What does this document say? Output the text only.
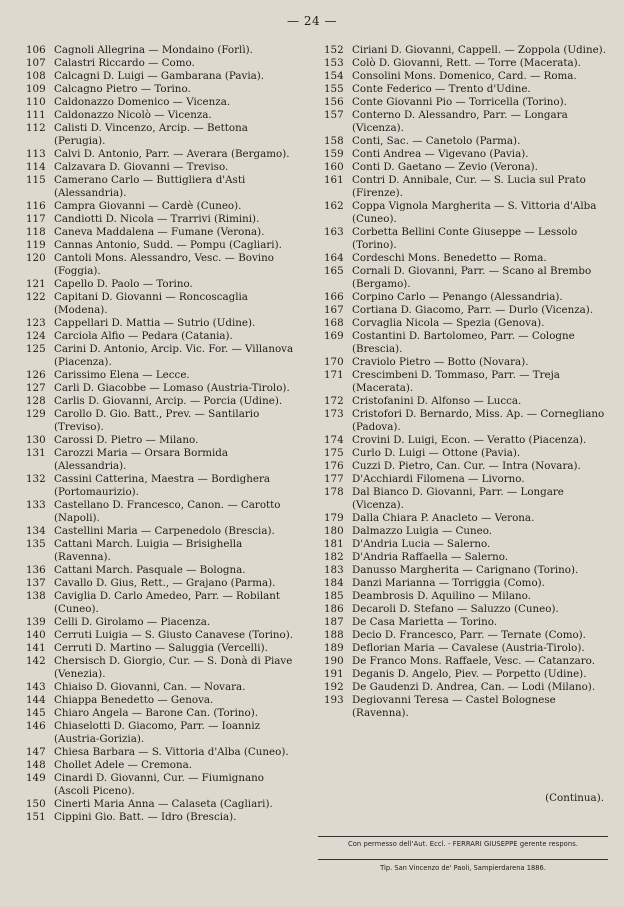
— 24 —
106 Cagnoli Allegrina — Mondaino (Forlì).
107 Calastri Riccardo — Como.
108 Calcagni D. Luigi — Gambarana (Pavia).
109 Calcagno Pietro — Torino.
110 Caldonazzo Domenico — Vicenza.
111 Caldonazzo Nicolò — Vicenza.
112 Calisti D. Vincenzo, Arcip. — Bettona (Perugia).
113 Calvi D. Antonio, Parr. — Averara (Bergamo).
114 Calzavara D. Giovanni — Treviso.
115 Camerano Carlo — Buttigliera d'Asti (Alessandria).
116 Campra Giovanni — Cardè (Cuneo).
117 Candiotti D. Nicola — Trarrivi (Rimini).
118 Caneva Maddalena — Fumane (Verona).
119 Cannas Antonio, Sudd. — Pompu (Cagliari).
120 Cantoli Mons. Alessandro, Vesc. — Bovino (Foggia).
121 Capello D. Paolo — Torino.
122 Capitani D. Giovanni — Roncoscaglia (Modena).
123 Cappellari D. Mattia — Sutrio (Udine).
124 Carciola Alfio — Pedara (Catania).
125 Carini D. Antonio, Arcip. Vic. For. — Villanova (Piacenza).
126 Carissimo Elena — Lecce.
127 Carli D. Giacobbe — Lomaso (Austria-Tirolo).
128 Carlis D. Giovanni, Arcip. — Porcia (Udine).
129 Carollo D. Gio. Batt., Prev. — Santilario (Treviso).
130 Carossi D. Pietro — Milano.
131 Carozzi Maria — Orsara Bormida (Alessandria).
132 Cassini Catterina, Maestra — Bordighera (Portomaurizio).
133 Castellano D. Francesco, Canon. — Carotto (Napoli).
134 Castellini Maria — Carpenedolo (Brescia).
135 Cattani March. Luigia — Brisighella (Ravenna).
136 Cattani March. Pasquale — Bologna.
137 Cavallo D. Gius, Rett., — Grajano (Parma).
138 Caviglia D. Carlo Amedeo, Parr. — Robilant (Cuneo).
139 Celli D. Girolamo — Piacenza.
140 Cerruti Luigia — S. Giusto Canavese (Torino).
141 Cerruti D. Martino — Saluggia (Vercelli).
142 Chersisch D. Giorgio, Cur. — S. Donà di Piave (Venezia).
143 Chiaiso D. Giovanni, Can. — Novara.
144 Chiappa Benedetto — Genova.
145 Chiaro Angela — Barone Can. (Torino).
146 Chiaselotti D. Giacomo, Parr. — Ioanniz (Austria-Gorizia).
147 Chiesa Barbara — S. Vittoria d'Alba (Cuneo).
148 Chollet Adele — Cremona.
149 Cinardi D. Giovanni, Cur. — Fiumignano (Ascoli Piceno).
150 Cinerti Maria Anna — Calaseta (Cagliari).
151 Cippini Gio. Batt. — Idro (Brescia).
152 Ciriani D. Giovanni, Cappell. — Zoppola (Udine).
153 Colò D. Giovanni, Rett. — Torre (Macerata).
154 Consolini Mons. Domenico, Card. — Roma.
155 Conte Federico — Trento d'Udine.
156 Conte Giovanni Pio — Torricella (Torino).
157 Conterno D. Alessandro, Parr. — Longara (Vicenza).
158 Conti, Sac. — Canetolo (Parma).
159 Conti Andrea — Vigevano (Pavia).
160 Conti D. Gaetano — Zevio (Verona).
161 Contri D. Annibale, Cur. — S. Lucia sul Prato (Firenze).
162 Coppa Vignola Margherita — S. Vittoria d'Alba (Cuneo).
163 Corbetta Bellini Conte Giuseppe — Lessolo (Torino).
164 Cordeschi Mons. Benedetto — Roma.
165 Cornali D. Giovanni, Parr. — Scano al Brembo (Bergamo).
166 Corpino Carlo — Penango (Alessandria).
167 Cortiana D. Giacomo, Parr. — Durlo (Vicenza).
168 Corvaglia Nicola — Spezia (Genova).
169 Costantini D. Bartolomeo, Parr. — Cologne (Brescia).
170 Craviolo Pietro — Botto (Novara).
171 Crescimbeni D. Tommaso, Parr. — Treja (Macerata).
172 Cristofanini D. Alfonso — Lucca.
173 Cristofori D. Bernardo, Miss. Ap. — Cornegliano (Padova).
174 Crovini D. Luigi, Econ. — Veratto (Piacenza).
175 Curlo D. Luigi — Ottone (Pavia).
176 Cuzzi D. Pietro, Can. Cur. — Intra (Novara).
177 D'Acchiardi Filomena — Livorno.
178 Dal Bianco D. Giovanni, Parr. — Longare (Vicenza).
179 Dalla Chiara P. Anacleto — Verona.
180 Dalmazzo Luigia — Cuneo.
181 D'Andria Lucia — Salerno.
182 D'Andria Raffaella — Salerno.
183 Danusso Margherita — Carignano (Torino).
184 Danzi Marianna — Torriggia (Como).
185 Deambrosis D. Aquilino — Milano.
186 Decaroli D. Stefano — Saluzzo (Cuneo).
187 De Casa Marietta — Torino.
188 Decio D. Francesco, Parr. — Ternate (Como).
189 Deflorian Maria — Cavalese (Austria-Tirolo).
190 De Franco Mons. Raffaele, Vesc. — Catanzaro.
191 Deganis D. Angelo, Piev. — Porpetto (Udine).
192 De Gaudenzi D. Andrea, Can. — Lodi (Milano).
193 Degiovanni Teresa — Castel Bolognese (Ravenna).
(Continua).
Con permesso dell'Aut. Eccl. - FERRARI GIUSEPPE gerente respons.
Tip. San Vincenzo de' Paoli, Sampierdarena 1886.
